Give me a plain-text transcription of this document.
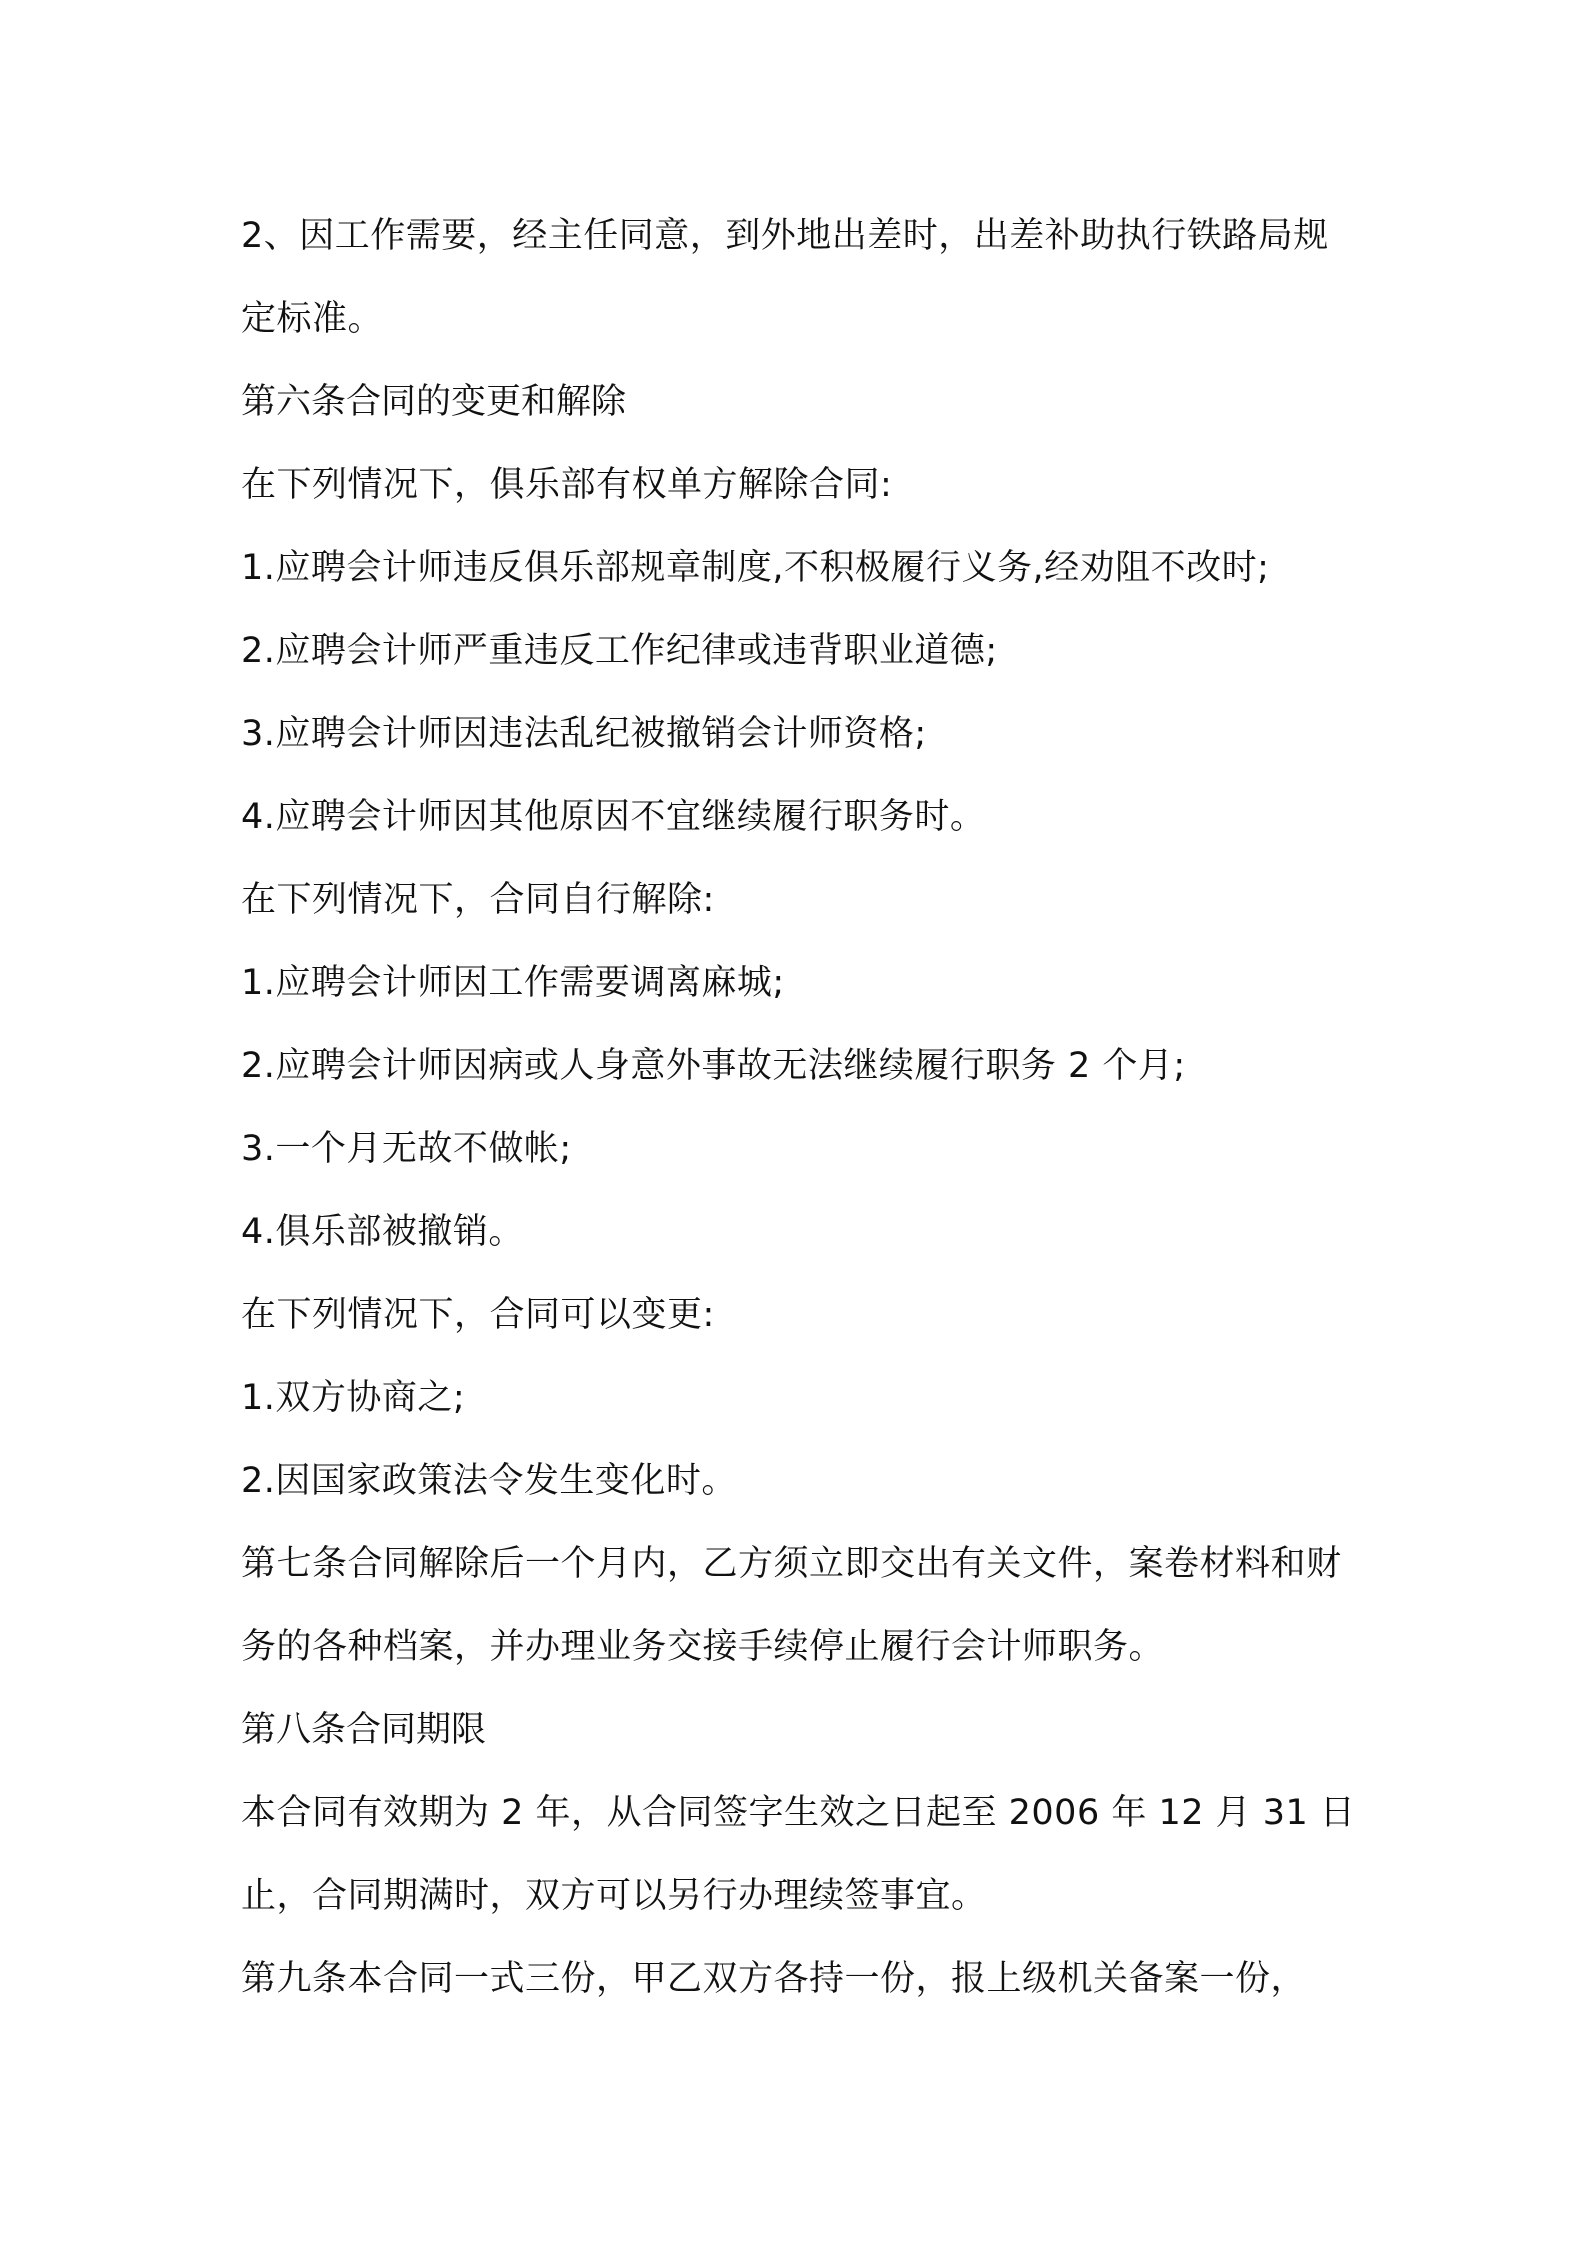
2、因工作需要，经主任同意，到外地出差时，出差补助执行铁路局规定标准。

第六条合同的变更和解除

在下列情况下，俱乐部有权单方解除合同:

1.应聘会计师违反俱乐部规章制度,不积极履行义务,经劝阻不改时;

2.应聘会计师严重违反工作纪律或违背职业道德;

3.应聘会计师因违法乱纪被撤销会计师资格;

4.应聘会计师因其他原因不宜继续履行职务时。

在下列情况下，合同自行解除:

1.应聘会计师因工作需要调离麻城;

2.应聘会计师因病或人身意外事故无法继续履行职务 2 个月;

3.一个月无故不做帐;

4.俱乐部被撤销。

在下列情况下，合同可以变更:

1.双方协商之;

2.因国家政策法令发生变化时。

第七条合同解除后一个月内，乙方须立即交出有关文件，案卷材料和财务的各种档案，并办理业务交接手续停止履行会计师职务。

第八条合同期限

本合同有效期为 2 年，从合同签字生效之日起至 2006 年 12 月 31 日止，合同期满时，双方可以另行办理续签事宜。

第九条本合同一式三份，甲乙双方各持一份，报上级机关备案一份，
